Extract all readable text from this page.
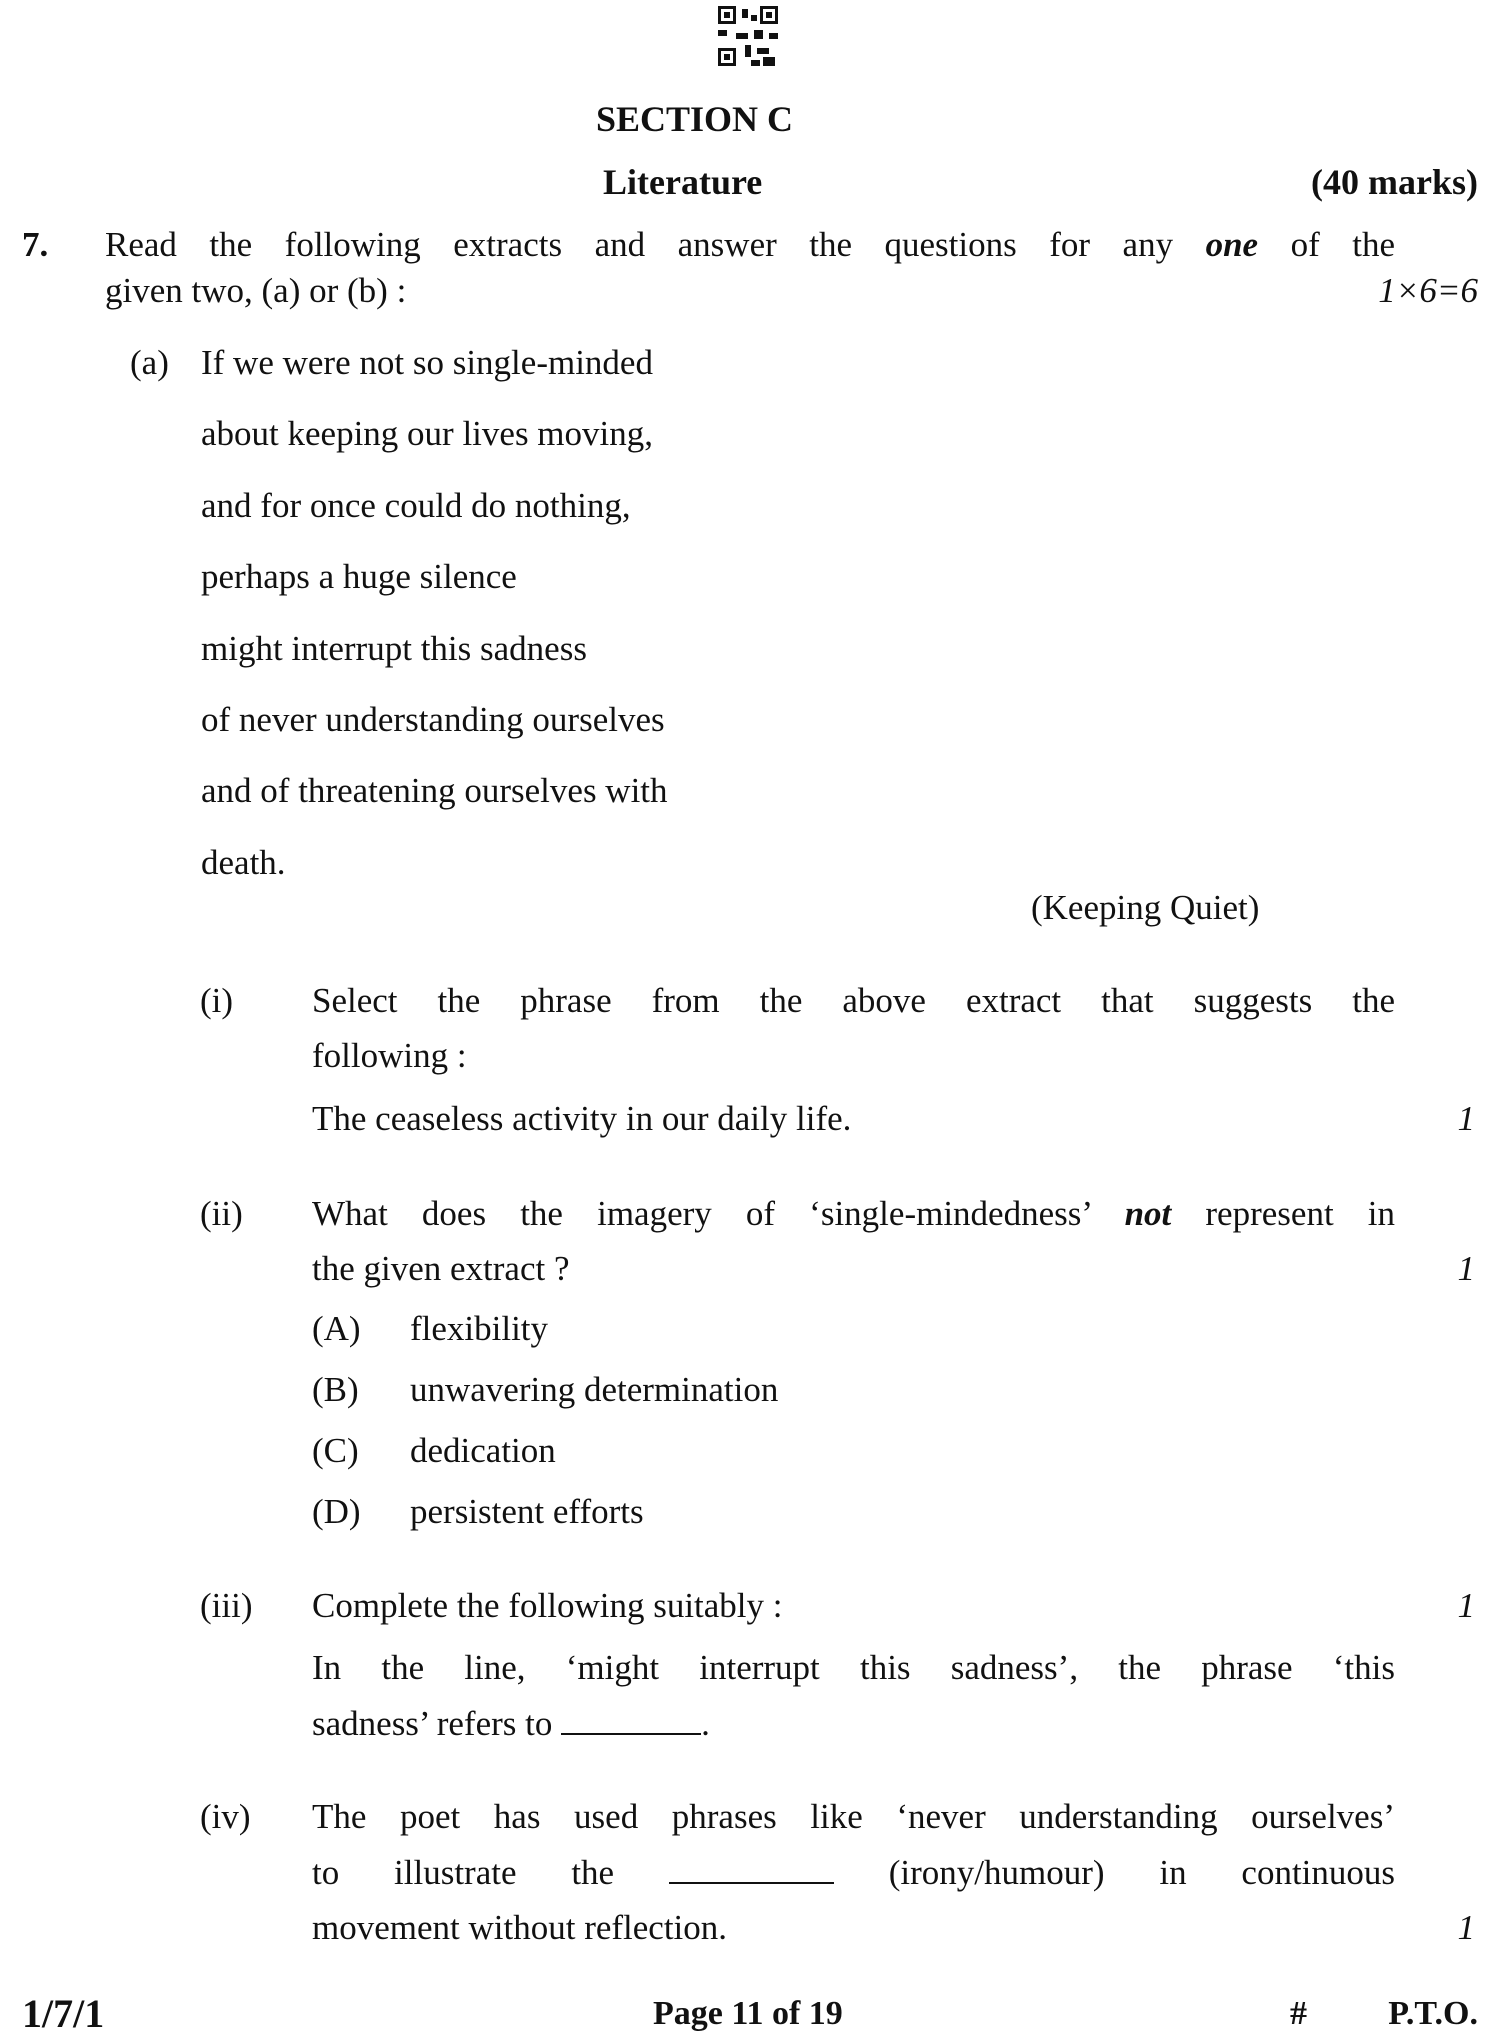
SECTION C
Literature	(40 marks)
7. Read the following extracts and answer the questions for any one of the
given two, (a) or (b) :	1×6=6
(a) If we were not so single-minded
about keeping our lives moving,
and for once could do nothing,
perhaps a huge silence
might interrupt this sadness
of never understanding ourselves
and of threatening ourselves with
death.
(Keeping Quiet)
(i) Select the phrase from the above extract that suggests the
following :
The ceaseless activity in our daily life.	1
(ii) What does the imagery of ‘single-mindedness’ not represent in
the given extract ?	1
(A) flexibility
(B) unwavering determination
(C) dedication
(D) persistent efforts
(iii) Complete the following suitably :	1
In the line, ‘might interrupt this sadness’, the phrase ‘this
sadness’ refers to	.
(iv) The poet has used phrases like ‘never understanding ourselves’
to illustrate the	(irony/humour) in continuous
movement without reflection.	1
1/7/1	Page 11 of 19	# P.T.O.
